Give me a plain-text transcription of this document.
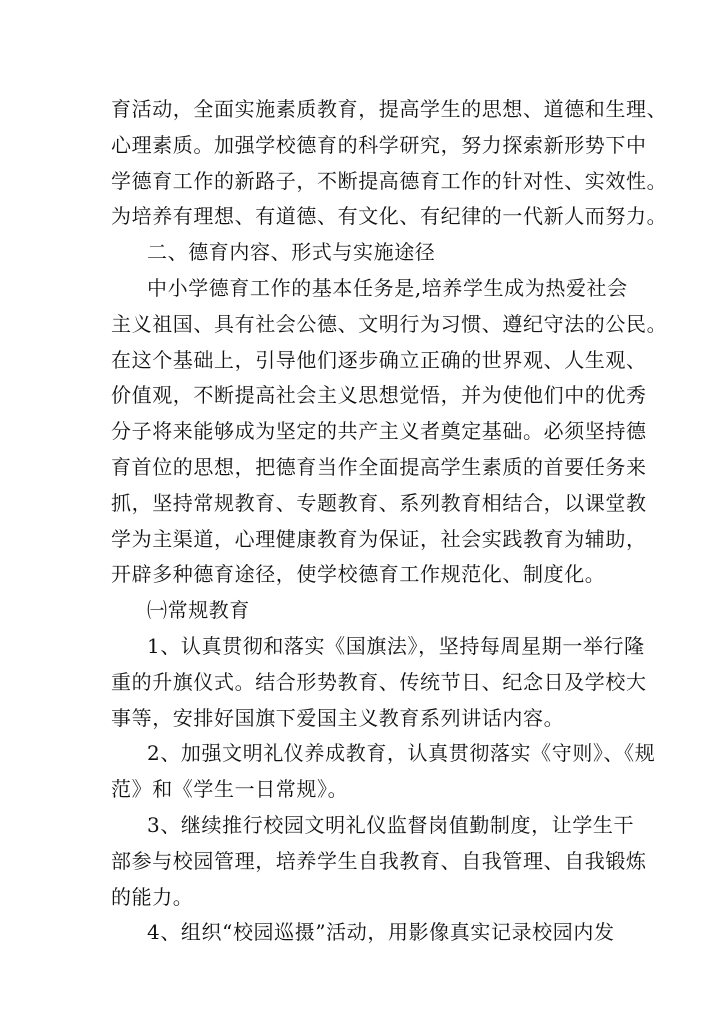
育活动，全面实施素质教育，提高学生的思想、道德和生理、
心理素质。加强学校德育的科学研究，努力探索新形势下中
学德育工作的新路子，不断提高德育工作的针对性、实效性。
为培养有理想、有道德、有文化、有纪律的一代新人而努力。
二、德育内容、形式与实施途径
中小学德育工作的基本任务是,培养学生成为热爱社会
主义祖国、具有社会公德、文明行为习惯、遵纪守法的公民。
在这个基础上，引导他们逐步确立正确的世界观、人生观、
价值观，不断提高社会主义思想觉悟，并为使他们中的优秀
分子将来能够成为坚定的共产主义者奠定基础。必须坚持德
育首位的思想，把德育当作全面提高学生素质的首要任务来
抓，坚持常规教育、专题教育、系列教育相结合，以课堂教
学为主渠道，心理健康教育为保证，社会实践教育为辅助，
开辟多种德育途径，使学校德育工作规范化、制度化。
㈠常规教育
1、认真贯彻和落实《国旗法》，坚持每周星期一举行隆
重的升旗仪式。结合形势教育、传统节日、纪念日及学校大
事等，安排好国旗下爱国主义教育系列讲话内容。
2、加强文明礼仪养成教育，认真贯彻落实《守则》、《规
范》和《学生一日常规》。
3、继续推行校园文明礼仪监督岗值勤制度，让学生干
部参与校园管理，培养学生自我教育、自我管理、自我锻炼
的能力。
4、组织“校园巡摄”活动，用影像真实记录校园内发
